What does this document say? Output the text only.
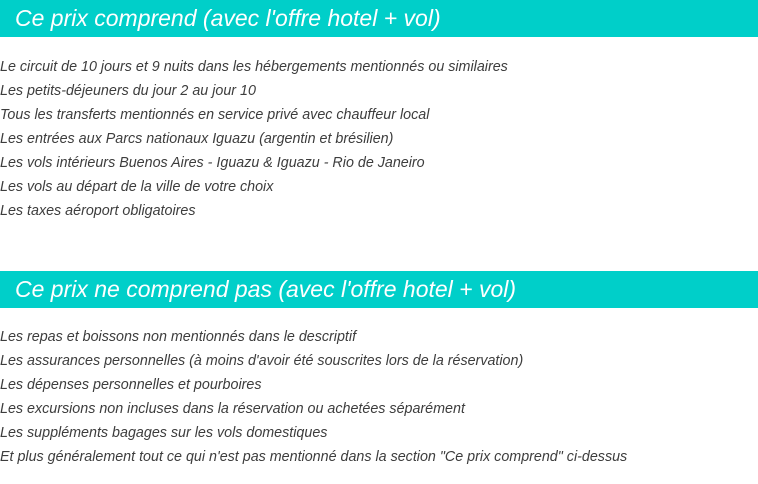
Ce prix comprend (avec l'offre hotel + vol)
Le circuit de 10 jours et 9 nuits dans les hébergements mentionnés ou similaires
Les petits-déjeuners du jour 2 au jour 10
Tous les transferts mentionnés en service privé avec chauffeur local
Les entrées aux Parcs nationaux Iguazu (argentin et brésilien)
Les vols intérieurs Buenos Aires - Iguazu & Iguazu - Rio de Janeiro
Les vols au départ de la ville de votre choix
Les taxes aéroport obligatoires
Ce prix ne comprend pas (avec l'offre hotel + vol)
Les repas et boissons non mentionnés dans le descriptif
Les assurances personnelles (à moins d'avoir été souscrites lors de la réservation)
Les dépenses personnelles et pourboires
Les excursions non incluses dans la réservation ou achetées séparément
Les suppléments bagages sur les vols domestiques
Et plus généralement tout ce qui n'est pas mentionné dans la section "Ce prix comprend" ci-dessus
